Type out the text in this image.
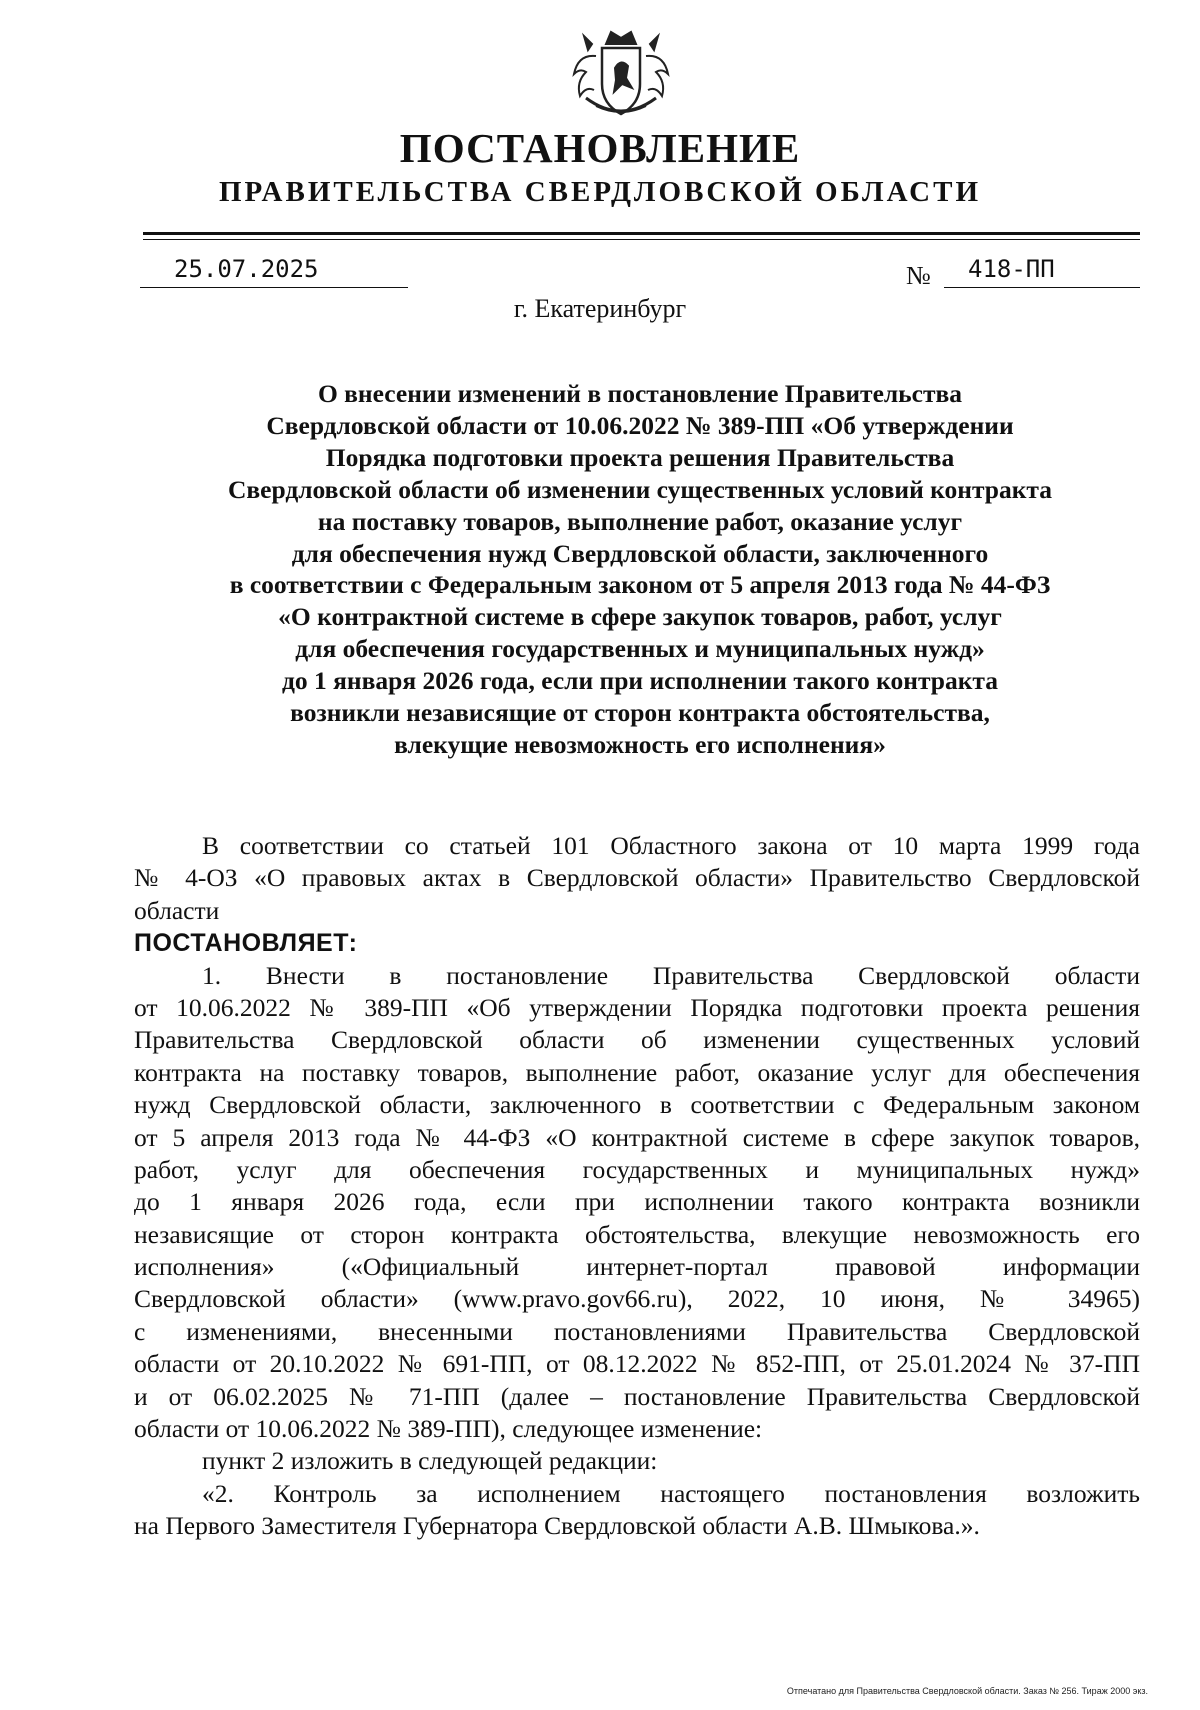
ПОСТАНОВЛЕНИЕ
ПРАВИТЕЛЬСТВА СВЕРДЛОВСКОЙ ОБЛАСТИ
25.07.2025	№	418-ПП
г. Екатеринбург
О внесении изменений в постановление Правительства
Свердловской области от 10.06.2022 № 389-ПП «Об утверждении
Порядка подготовки проекта решения Правительства
Свердловской области об изменении существенных условий контракта
на поставку товаров, выполнение работ, оказание услуг
для обеспечения нужд Свердловской области, заключенного
в соответствии с Федеральным законом от 5 апреля 2013 года № 44-ФЗ
«О контрактной системе в сфере закупок товаров, работ, услуг
для обеспечения государственных и муниципальных нужд»
до 1 января 2026 года, если при исполнении такого контракта
возникли независящие от сторон контракта обстоятельства,
влекущие невозможность его исполнения»
В соответствии со статьей 101 Областного закона от 10 марта 1999 года
№ 4-ОЗ «О правовых актах в Свердловской области» Правительство Свердловской
области
ПОСТАНОВЛЯЕТ:
1. Внести в постановление Правительства Свердловской области
от 10.06.2022 № 389-ПП «Об утверждении Порядка подготовки проекта решения
Правительства Свердловской области об изменении существенных условий
контракта на поставку товаров, выполнение работ, оказание услуг для обеспечения
нужд Свердловской области, заключенного в соответствии с Федеральным законом
от 5 апреля 2013 года № 44-ФЗ «О контрактной системе в сфере закупок товаров,
работ, услуг для обеспечения государственных и муниципальных нужд»
до 1 января 2026 года, если при исполнении такого контракта возникли
независящие от сторон контракта обстоятельства, влекущие невозможность его
исполнения» («Официальный интернет-портал правовой информации
Свердловской области» (www.pravo.gov66.ru), 2022, 10 июня, № 34965)
с изменениями, внесенными постановлениями Правительства Свердловской
области от 20.10.2022 № 691-ПП, от 08.12.2022 № 852-ПП, от 25.01.2024 № 37-ПП
и от 06.02.2025 № 71-ПП (далее – постановление Правительства Свердловской
области от 10.06.2022 № 389-ПП), следующее изменение:
пункт 2 изложить в следующей редакции:
«2. Контроль за исполнением настоящего постановления возложить
на Первого Заместителя Губернатора Свердловской области А.В. Шмыкова.».
Отпечатано для Правительства Свердловской области. Заказ № 256. Тираж 2000 экз.
